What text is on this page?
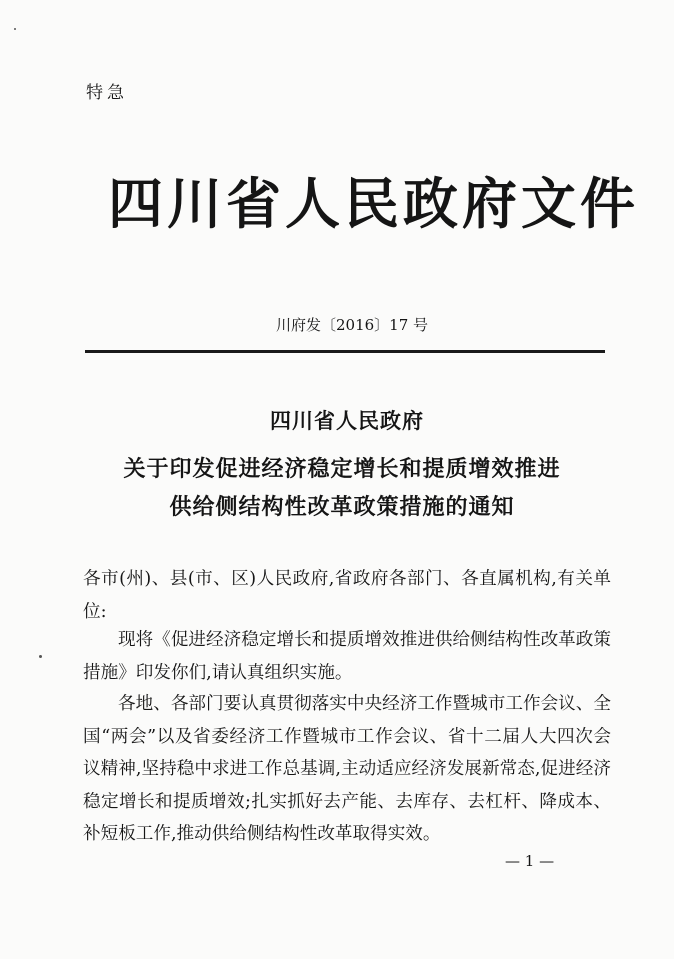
特急
四川省人民政府文件
川府发〔2016〕17 号
四川省人民政府
关于印发促进经济稳定增长和提质增效推进
供给侧结构性改革政策措施的通知
各市(州)、县(市、区)人民政府,省政府各部门、各直属机构,有关单位:
现将《促进经济稳定增长和提质增效推进供给侧结构性改革政策措施》印发你们,请认真组织实施。
各地、各部门要认真贯彻落实中央经济工作暨城市工作会议、全国“两会”以及省委经济工作暨城市工作会议、省十二届人大四次会议精神,坚持稳中求进工作总基调,主动适应经济发展新常态,促进经济稳定增长和提质增效;扎实抓好去产能、去库存、去杠杆、降成本、补短板工作,推动供给侧结构性改革取得实效。
— 1 —
